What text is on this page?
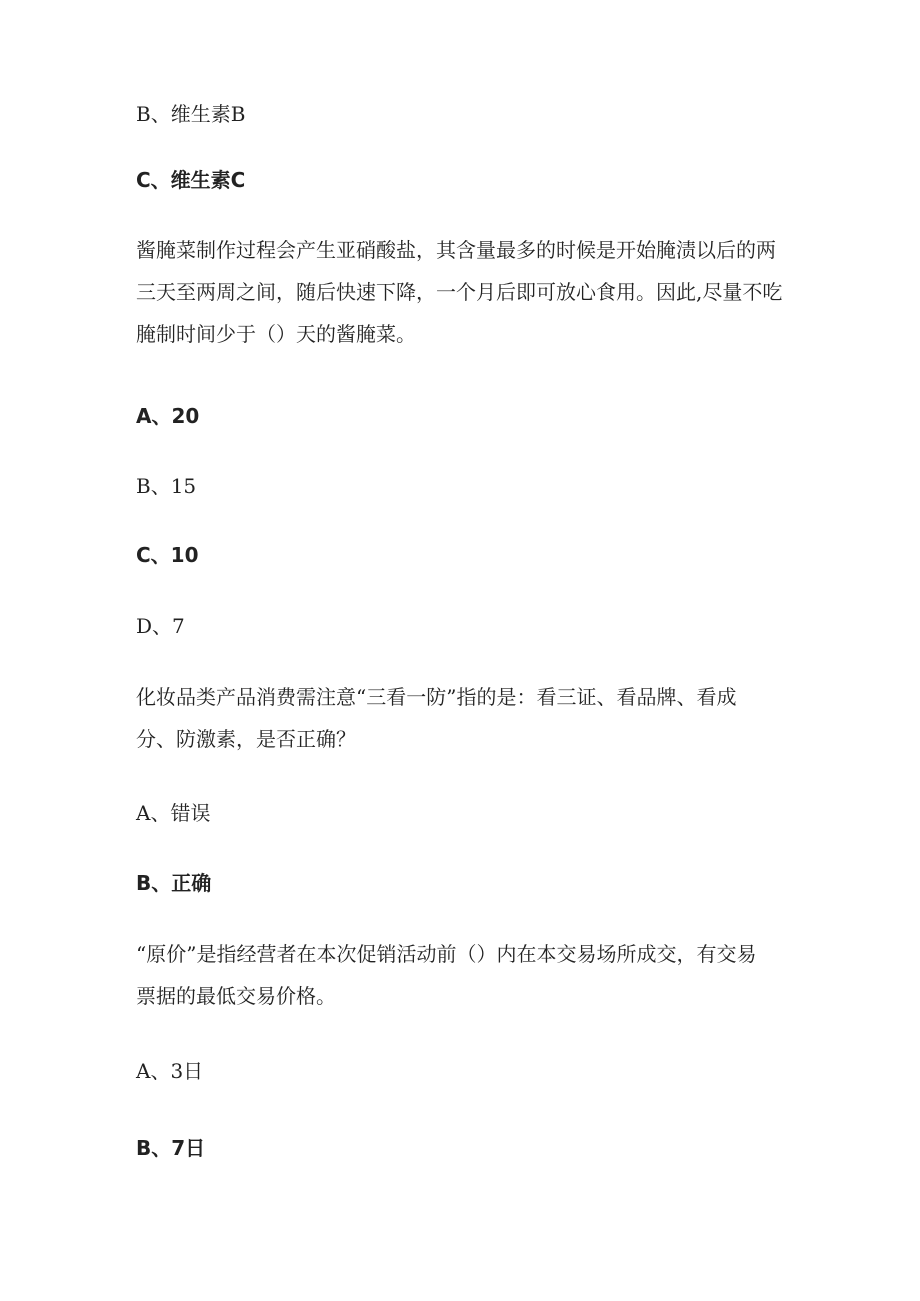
B、维生素B

C、维生素C

酱腌菜制作过程会产生亚硝酸盐，其含量最多的时候是开始腌渍以后的两
三天至两周之间，随后快速下降，一个月后即可放心食用。因此,尽量不吃
腌制时间少于（）天的酱腌菜。

A、20

B、15

C、10

D、7

化妆品类产品消费需注意“三看一防”指的是：看三证、看品牌、看成
分、防激素，是否正确？

A、错误

B、正确

“原价”是指经营者在本次促销活动前（）内在本交易场所成交，有交易
票据的最低交易价格。

A、3日

B、7日
